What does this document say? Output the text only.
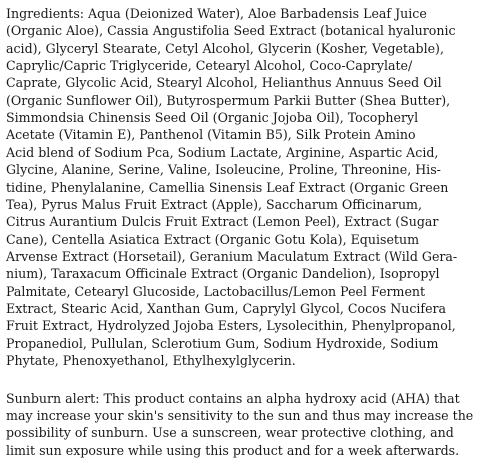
Ingredients: Aqua (Deionized Water), Aloe Barbadensis Leaf Juice
(Organic Aloe), Cassia Angustifolia Seed Extract (botanical hyaluronic
acid), Glyceryl Stearate, Cetyl Alcohol, Glycerin (Kosher, Vegetable),
Caprylic/Capric Triglyceride, Cetearyl Alcohol, Coco-Caprylate/
Caprate, Glycolic Acid, Stearyl Alcohol, Helianthus Annuus Seed Oil
(Organic Sunflower Oil), Butyrospermum Parkii Butter (Shea Butter),
Simmondsia Chinensis Seed Oil (Organic Jojoba Oil), Tocopheryl
Acetate (Vitamin E), Panthenol (Vitamin B5), Silk Protein Amino
Acid blend of Sodium Pca, Sodium Lactate, Arginine, Aspartic Acid,
Glycine, Alanine, Serine, Valine, Isoleucine, Proline, Threonine, His-
tidine, Phenylalanine, Camellia Sinensis Leaf Extract (Organic Green
Tea), Pyrus Malus Fruit Extract (Apple), Saccharum Officinarum,
Citrus Aurantium Dulcis Fruit Extract (Lemon Peel), Extract (Sugar
Cane), Centella Asiatica Extract (Organic Gotu Kola), Equisetum
Arvense Extract (Horsetail), Geranium Maculatum Extract (Wild Gera-
nium), Taraxacum Officinale Extract (Organic Dandelion), Isopropyl
Palmitate, Cetearyl Glucoside, Lactobacillus/Lemon Peel Ferment
Extract, Stearic Acid, Xanthan Gum, Caprylyl Glycol, Cocos Nucifera
Fruit Extract, Hydrolyzed Jojoba Esters, Lysolecithin, Phenylpropanol,
Propanediol, Pullulan, Sclerotium Gum, Sodium Hydroxide, Sodium
Phytate, Phenoxyethanol, Ethylhexylglycerin.
Sunburn alert: This product contains an alpha hydroxy acid (AHA) that
may increase your skin's sensitivity to the sun and thus may increase the
possibility of sunburn. Use a sunscreen, wear protective clothing, and
limit sun exposure while using this product and for a week afterwards.
